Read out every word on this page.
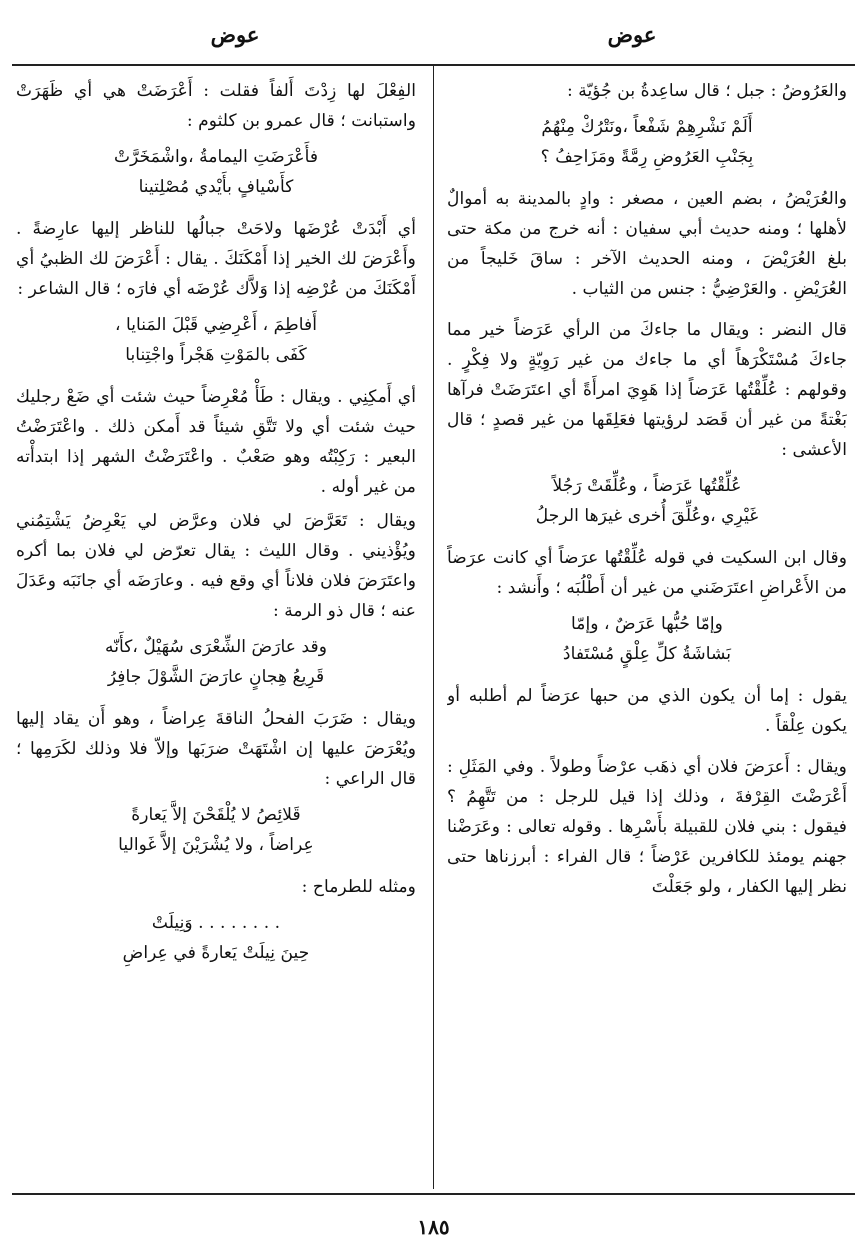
عوض
عوض

والعَرُوضُ : جبل ؛ قال ساعِدةُ بن جُؤيّة :

أَلَمْ نَشْرِهِمْ شَفْعاً ،ونَتْرُكْ مِنْهُمُ
بِجَنْبِ العَرُوضِ رِمَّةً ومَزَاحِفُ ؟

والعُرَيْضُ ، بضم العين ، مصغر : وادٍ بالمدينة به أموالٌ لأهلها ؛ ومنه حديث أبي سفيان : أنه خرج من مكة حتى بلغ العُرَيْضَ ، ومنه الحديث الآخر : ساقَ خَليجاً من العُرَيْضِ . والعَرْضِيُّ : جنس من الثياب .

قال النضر : ويقال ما جاءكَ من الرأي عَرَضاً خير مما جاءكَ مُسْتَكْرَهاً أي ما جاءك من غير رَوِيّةٍ ولا فِكْرٍ . وقولهم : عُلِّقْتُها عَرَضاً إذا هَوِيَ امرأَةً أي اعتَرَضَتْ فرآها بَغْتةً من غير أن قَصَد لرؤيتها فعَلِقَها من غير قصدٍ ؛ قال الأعشى :

عُلِّقْتُها عَرَضاً ، وعُلِّقَتْ رَجُلاً
غَيْرِي ،وعُلِّقَ أُخرى غيرَها الرجلُ

وقال ابن السكيت في قوله عُلِّقْتُها عرَضاً أي كانت عرَضاً من الأَعْراضِ اعتَرَضَني من غير أن أَطْلُبَه ؛ وأَنشد :

وإمّا حُبُّها عَرَضٌ ، وإمّا
بَشاشَةُ كلِّ عِلْقٍ مُسْتَفادُ

يقول : إما أن يكون الذي من حبها عرَضاً لم أطلبه أو يكون عِلْقاً .

ويقال : أَعرَضَ فلان أي ذهَب عرْضاً وطولاً . وفي المَثَلِ : أَعْرَضْتَ القِرْفةَ ، وذلك إذا قيل للرجل : من تَتَّهِمُ ؟ فيقول : بني فلان للقبيلة بأَسْرِها . وقوله تعالى : وعَرَضْنا جهنم يومئذ للكافرين عَرْضاً ؛ قال الفراء : أبرزناها حتى نظر إليها الكفار ، ولو جَعَلْتَ

الفِعْلَ لها زِدْتَ أَلفاً فقلت : أَعْرَضَتْ هي أي ظَهَرَتْ واستبانت ؛ قال عمرو بن كلثوم :

فأَعْرَضَتِ اليمامةُ ،واشْمَخَرَّتْ
كأَسْيافٍ بأَيْدي مُصْلِتينا

أي أَبْدَتْ عُرْضَها ولاحَتْ جبالُها للناظر إليها عارِضةً . وأَعْرَضَ لك الخير إذا أَمْكَنَكَ . يقال : أَعْرَضَ لك الظبيُ أي أَمْكَنَكَ من عُرْضِه إذا وَلاَّك عُرْضَه أي فارَه ؛ قال الشاعر :

أَفاطِمَ ، أَعْرِضِي قَبْلَ المَنايا ،
كَفَى بالمَوْتِ هَجْراً واجْتِنابا

أي أَمكِنِي . ويقال : طَأْ مُعْرِضاً حيث شئت أي ضَعْ رجليك حيث شئت أي ولا تَتَّقِ شيئاً قد أَمكن ذلك . واعْتَرَضْتُ البعير : رَكِبْتُه وهو صَعْبٌ . واعْتَرَضْتُ الشهر إذا ابتدأْته من غير أوله .

ويقال : تَعَرَّضَ لي فلان وعرَّض لي يَعْرِضُ يَشْتِمُني ويُؤْذيني . وقال الليث : يقال تعرّض لي فلان بما أكره واعتَرَضَ فلان فلاناً أي وقع فيه . وعارَضَه أي جانَبَه وعَدَلَ عنه ؛ قال ذو الرمة :

وقد عارَضَ الشِّعْرَى سُهَيْلٌ ،كأَنّه
قَرِيعُ هِجانٍ عارَضَ الشَّوْلَ جافِرُ

ويقال : ضَرَبَ الفحلُ الناقةَ عِراضاً ، وهو أَن يقاد إليها ويُعْرَضَ عليها إن اشْتَهَتْ ضرَبَها وإلاّ فلا وذلك لكَرَمِها ؛ قال الراعي :

قَلائِصُ لا يُلْقَحْنَ إلاَّ يَعارةً
عِراضاً ، ولا يُشْرَيْنَ إلاَّ غَواليا

ومثله للطرماح :

. . . . . . . . وَنِيلَتْ
حِينَ نِيلَتْ يَعارةً في عِراضِ
١٨٥
